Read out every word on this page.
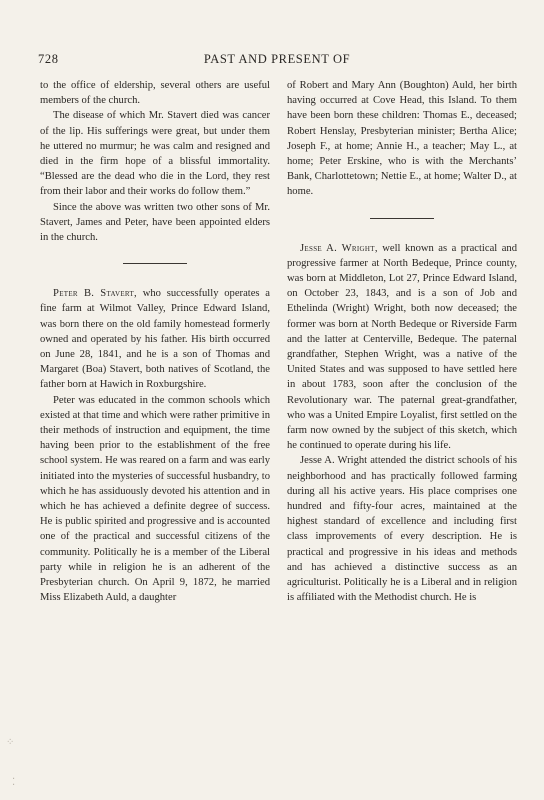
728	PAST AND PRESENT OF

to the office of eldership, several others are useful members of the church.

The disease of which Mr. Stavert died was cancer of the lip. His sufferings were great, but under them he uttered no murmur; he was calm and resigned and died in the firm hope of a blissful immortality. “Blessed are the dead who die in the Lord, they rest from their labor and their works do follow them.”

Since the above was written two other sons of Mr. Stavert, James and Peter, have been appointed elders in the church.

Peter B. Stavert, who successfully operates a fine farm at Wilmot Valley, Prince Edward Island, was born there on the old family homestead formerly owned and operated by his father. His birth occurred on June 28, 1841, and he is a son of Thomas and Margaret (Boa) Stavert, both natives of Scotland, the father born at Hawich in Roxburgshire.

Peter was educated in the common schools which existed at that time and which were rather primitive in their methods of instruction and equipment, the time having been prior to the establishment of the free school system. He was reared on a farm and was early initiated into the mysteries of successful husbandry, to which he has assiduously devoted his attention and in which he has achieved a definite degree of success. He is public spirited and progressive and is accounted one of the practical and successful citizens of the community. Politically he is a member of the Liberal party while in religion he is an adherent of the Presbyterian church. On April 9, 1872, he married Miss Elizabeth Auld, a daughter

of Robert and Mary Ann (Boughton) Auld, her birth having occurred at Cove Head, this Island. To them have been born these children: Thomas E., deceased; Robert Henslay, Presbyterian minister; Bertha Alice; Joseph F., at home; Annie H., a teacher; May L., at home; Peter Erskine, who is with the Merchants’ Bank, Charlottetown; Nettie E., at home; Walter D., at home.

Jesse A. Wright, well known as a practical and progressive farmer at North Bedeque, Prince county, was born at Middleton, Lot 27, Prince Edward Island, on October 23, 1843, and is a son of Job and Ethelinda (Wright) Wright, both now deceased; the former was born at North Bedeque or Riverside Farm and the latter at Centerville, Bedeque. The paternal grandfather, Stephen Wright, was a native of the United States and was supposed to have settled here in about 1783, soon after the conclusion of the Revolutionary war. The paternal great-grandfather, who was a United Empire Loyalist, first settled on the farm now owned by the subject of this sketch, which he continued to operate during his life.

Jesse A. Wright attended the district schools of his neighborhood and has practically followed farming during all his active years. His place comprises one hundred and fifty-four acres, maintained at the highest standard of excellence and including first class improvements of every description. He is practical and progressive in his ideas and methods and has achieved a distinctive success as an agriculturist. Politically he is a Liberal and in religion is affiliated with the Methodist church. He is

⁘
⁚
